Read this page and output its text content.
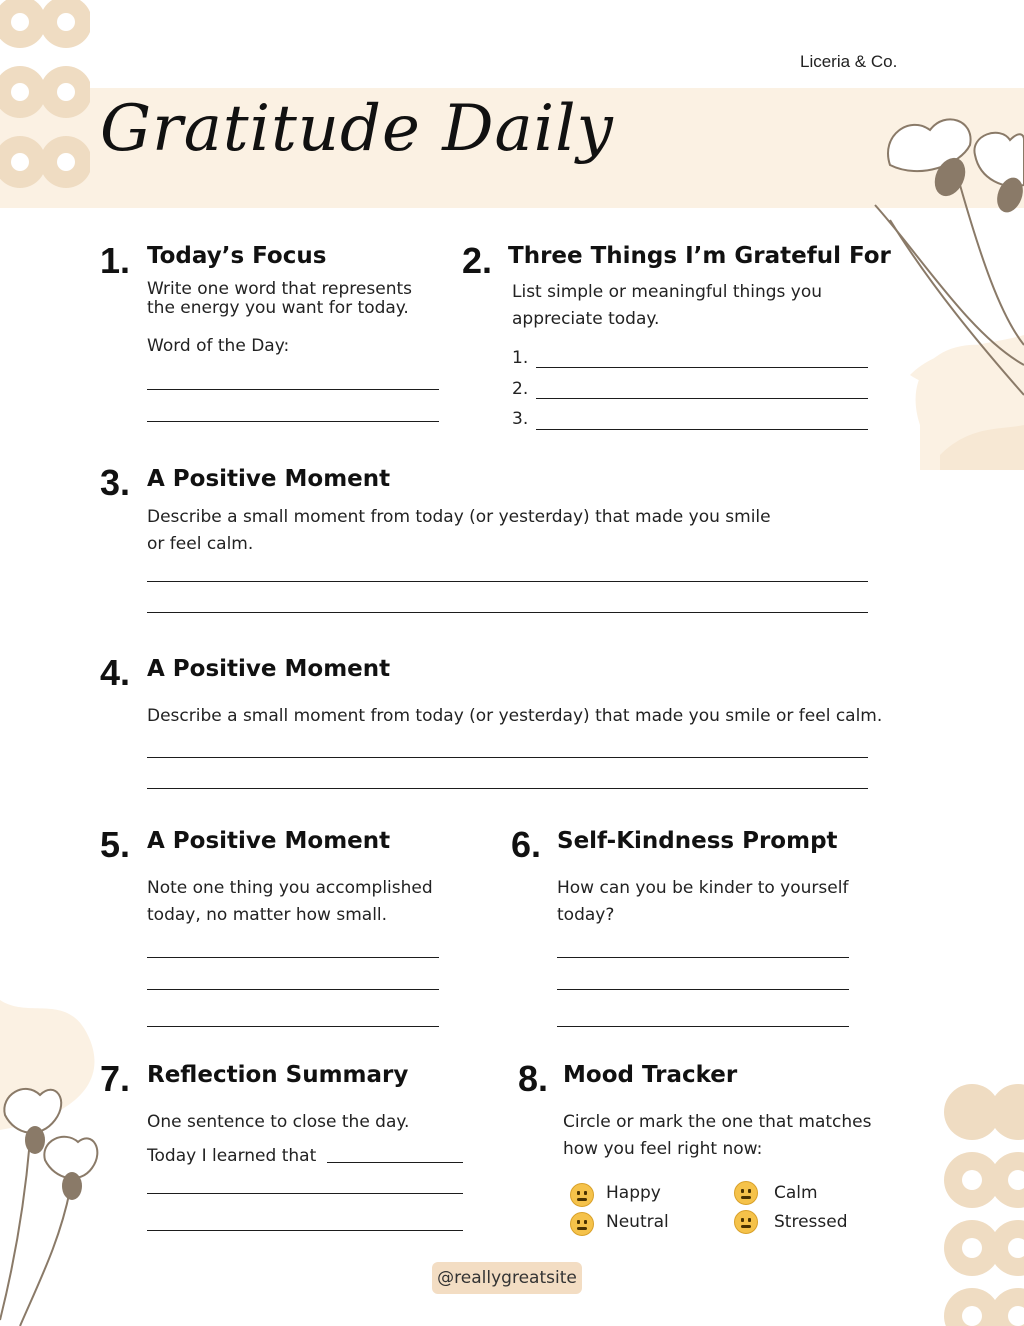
Liceria & Co.
Gratitude Daily
1. Today’s Focus
Write one word that represents the energy you want for today.
Word of the Day:
2. Three Things I’m Grateful For
List simple or meaningful things you appreciate today.
1.
2.
3.
3. A Positive Moment
Describe a small moment from today (or yesterday) that made you smile or feel calm.
4. A Positive Moment
Describe a small moment from today (or yesterday) that made you smile or feel calm.
5. A Positive Moment
Note one thing you accomplished today, no matter how small.
6. Self-Kindness Prompt
How can you be kinder to yourself today?
7. Reflection Summary
One sentence to close the day.
Today I learned that
8. Mood Tracker
Circle or mark the one that matches how you feel right now:
Happy	Calm
Neutral	Stressed
@reallygreatsite
